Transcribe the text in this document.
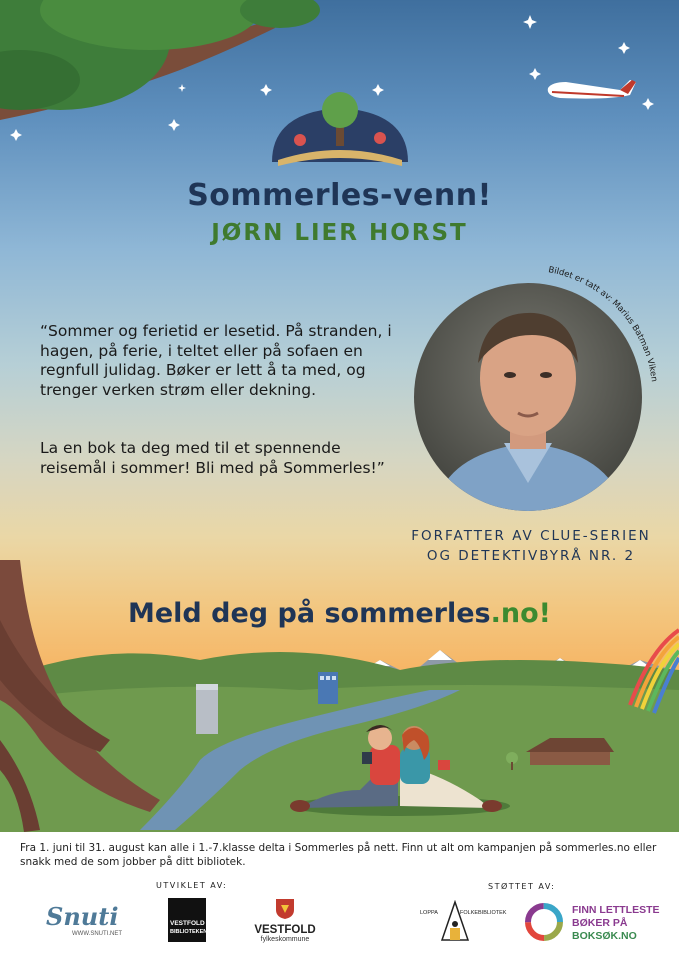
Sommerles-venn!
JØRN LIER HORST

“Sommer og ferietid er lesetid. På stranden, i hagen, på ferie, i teltet eller på sofaen en regnfull julidag. Bøker er lett å ta med, og trenger verken strøm eller dekning.

La en bok ta deg med til et spennende reisemål i sommer! Bli med på Sommerles!”

Bildet er tatt av: Marius Batman Viken

FORFATTER AV CLUE-SERIEN

OG DETEKTIVBYRÅ NR. 2

Meld deg på sommerles.no!

Fra 1. juni til 31. august kan alle i 1.-7.klasse delta i Sommerles på nett. Finn ut alt om kampanjen på sommerles.no eller snakk med de som jobber på ditt bibliotek.

UTVIKLET AV:	STØTTET AV:

Snuti

WWW.SNUTI.NET

VESTFOLD

BIBLIOTEKENE	VESTFOLD

fylkeskommune

LOPPA	FOLKEBIBLIOTEK	FINN LETTLESTE

BØKER PÅ

BOKSØK.NO
